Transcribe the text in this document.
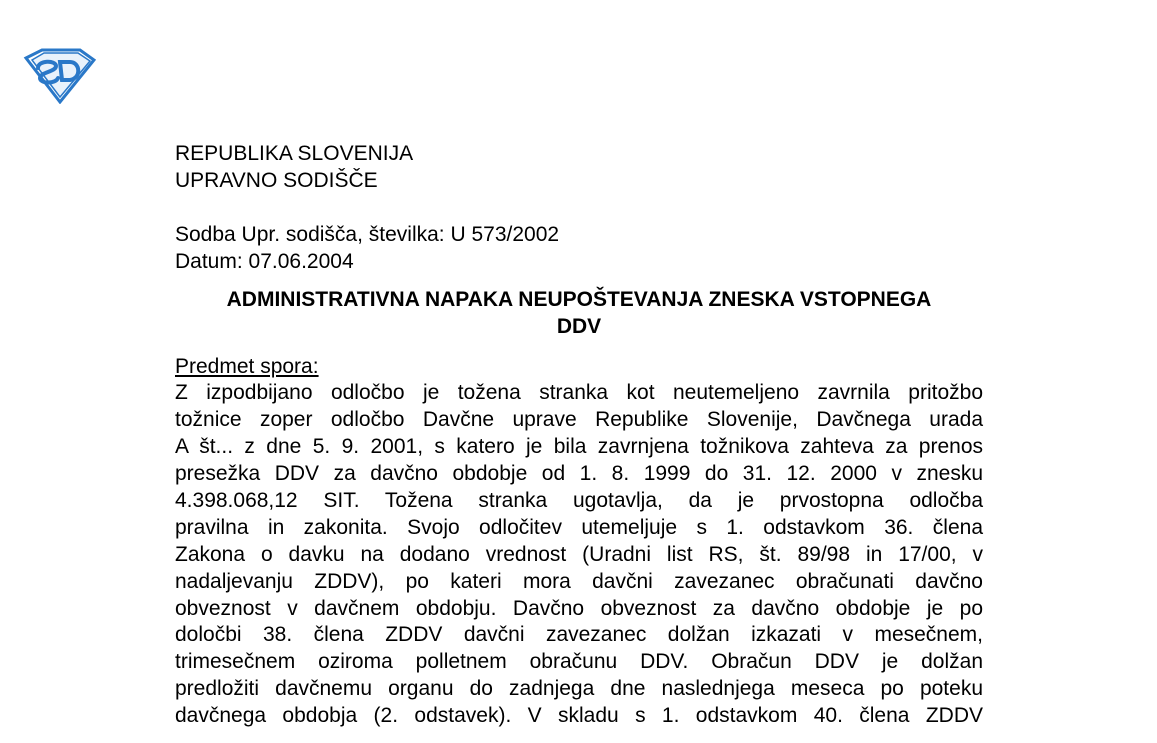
REPUBLIKA SLOVENIJA
UPRAVNO SODIŠČE
Sodba Upr. sodišča, številka: U 573/2002
Datum: 07.06.2004
ADMINISTRATIVNA NAPAKA NEUPOŠTEVANJA ZNESKA VSTOPNEGA
DDV
Predmet spora:
Z izpodbijano odločbo je tožena stranka kot neutemeljeno zavrnila pritožbo
tožnice zoper odločbo Davčne uprave Republike Slovenije, Davčnega urada
A št... z dne 5. 9. 2001, s katero je bila zavrnjena tožnikova zahteva za prenos
presežka DDV za davčno obdobje od 1. 8. 1999 do 31. 12. 2000 v znesku
4.398.068,12 SIT. Tožena stranka ugotavlja, da je prvostopna odločba
pravilna in zakonita. Svojo odločitev utemeljuje s 1. odstavkom 36. člena
Zakona o davku na dodano vrednost (Uradni list RS, št. 89/98 in 17/00, v
nadaljevanju ZDDV), po kateri mora davčni zavezanec obračunati davčno
obveznost v davčnem obdobju. Davčno obveznost za davčno obdobje je po
določbi 38. člena ZDDV davčni zavezanec dolžan izkazati v mesečnem,
trimesečnem oziroma polletnem obračunu DDV. Obračun DDV je dolžan
predložiti davčnemu organu do zadnjega dne naslednjega meseca po poteku
davčnega obdobja (2. odstavek). V skladu s 1. odstavkom 40. člena ZDDV
